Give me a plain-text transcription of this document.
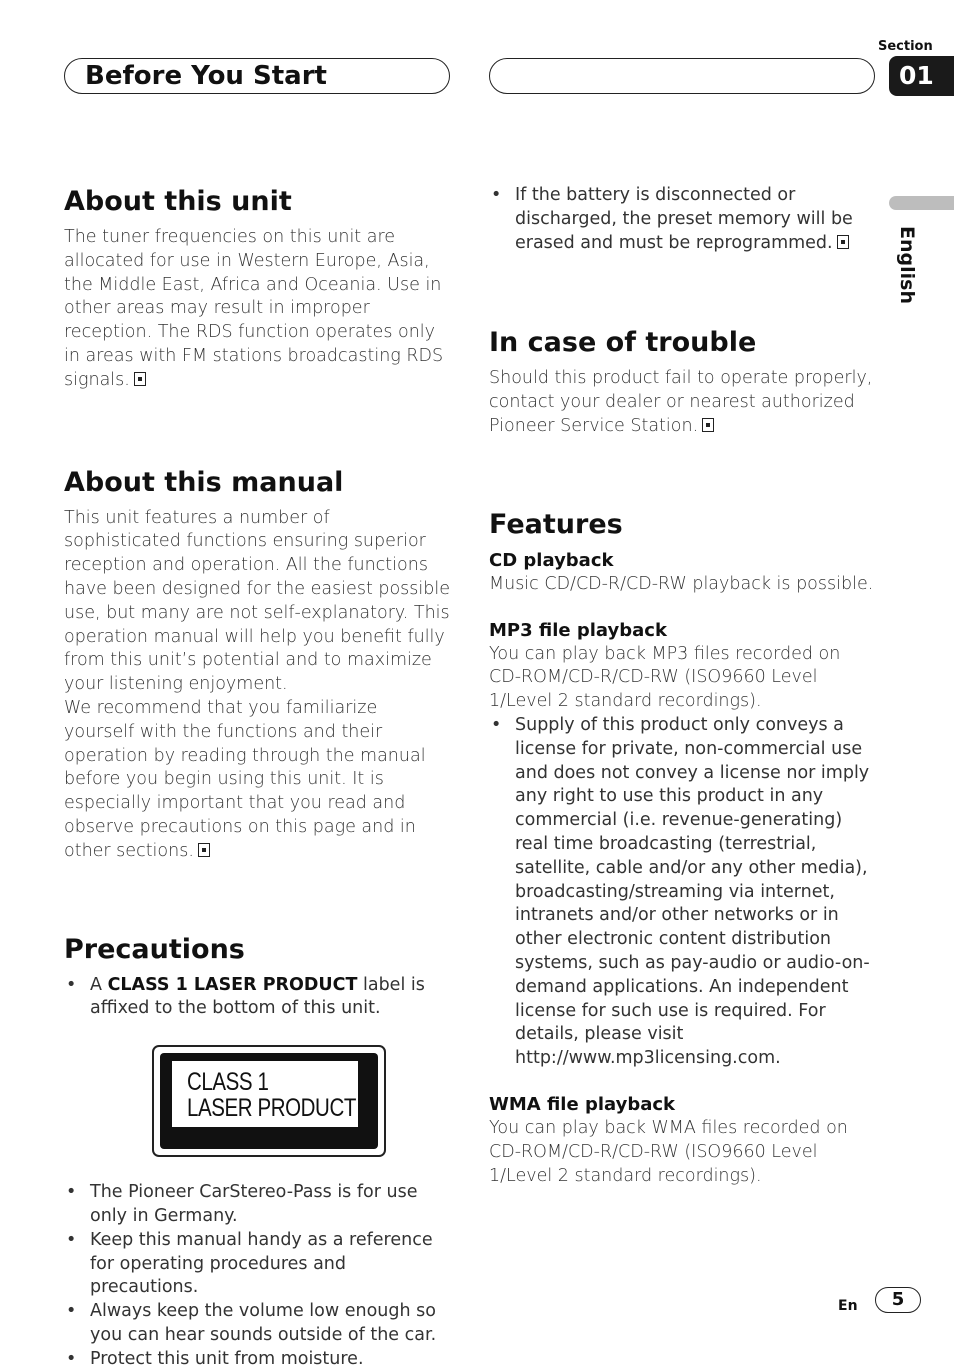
Before You Start
Section
01
English
About this unit

The tuner frequencies on this unit are allocated for use in Western Europe, Asia, the Middle East, Africa and Oceania. Use in other areas may result in improper reception. The RDS function operates only in areas with FM stations broadcasting RDS signals.

About this manual

This unit features a number of sophisticated functions ensuring superior reception and operation. All the functions have been designed for the easiest possible use, but many are not self-explanatory. This operation manual will help you benefit fully from this unit’s potential and to maximize your listening enjoyment.

We recommend that you familiarize yourself with the functions and their operation by reading through the manual before you begin using this unit. It is especially important that you read and observe precautions on this page and in other sections.

Precautions
• A CLASS 1 LASER PRODUCT label is affixed to the bottom of this unit.
CLASS 1
LASER PRODUCT
• The Pioneer CarStereo-Pass is for use only in Germany.
• Keep this manual handy as a reference for operating procedures and precautions.
• Always keep the volume low enough so you can hear sounds outside of the car.
• Protect this unit from moisture.
• If the battery is disconnected or discharged, the preset memory will be erased and must be reprogrammed.
In case of trouble

Should this product fail to operate properly, contact your dealer or nearest authorized Pioneer Service Station.

Features
CD playback

Music CD/CD-R/CD-RW playback is possible.

MP3 file playback

You can play back MP3 files recorded on CD-ROM/CD-R/CD-RW (ISO9660 Level 1/Level 2 standard recordings).

• Supply of this product only conveys a license for private, non-commercial use and does not convey a license nor imply any right to use this product in any commercial (i.e. revenue-generating) real time broadcasting (terrestrial, satellite, cable and/or any other media), broadcasting/streaming via internet, intranets and/or other networks or in other electronic content distribution systems, such as pay-audio or audio-on-demand applications. An independent license for such use is required. For details, please visit http://www.mp3licensing.com.
WMA file playback

You can play back WMA files recorded on CD-ROM/CD-R/CD-RW (ISO9660 Level 1/Level 2 standard recordings).

En	5
